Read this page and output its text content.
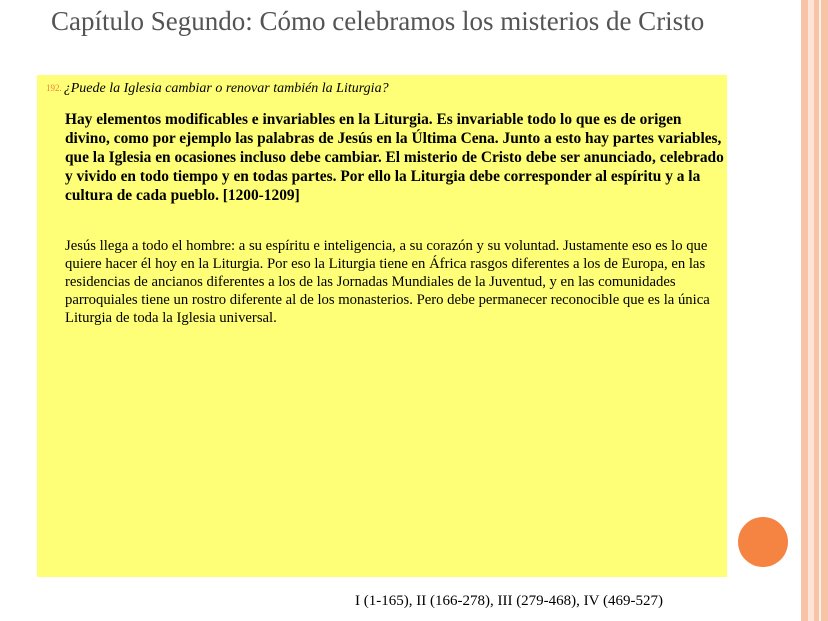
Capítulo Segundo: Cómo celebramos los misterios de Cristo
192. ¿Puede la Iglesia cambiar o renovar también la Liturgia?

Hay elementos modificables e invariables en la Liturgia. Es invariable todo lo que es de origen divino, como por ejemplo las palabras de Jesús en la Última Cena. Junto a esto hay partes variables, que la Iglesia en ocasiones incluso debe cambiar. El misterio de Cristo debe ser anunciado, celebrado y vivido en todo tiempo y en todas partes. Por ello la Liturgia debe corresponder al espíritu y a la cultura de cada pueblo. [1200-1209]

Jesús llega a todo el hombre: a su espíritu e inteligencia, a su corazón y su voluntad. Justamente eso es lo que quiere hacer él hoy en la Liturgia. Por eso la Liturgia tiene en África rasgos diferentes a los de Europa, en las residencias de ancianos diferentes a los de las Jornadas Mundiales de la Juventud, y en las comunidades parroquiales tiene un rostro diferente al de los monasterios. Pero debe permanecer reconocible que es la única Liturgia de toda la Iglesia universal.

I (1-165), II (166-278), III (279-468), IV (469-527)
